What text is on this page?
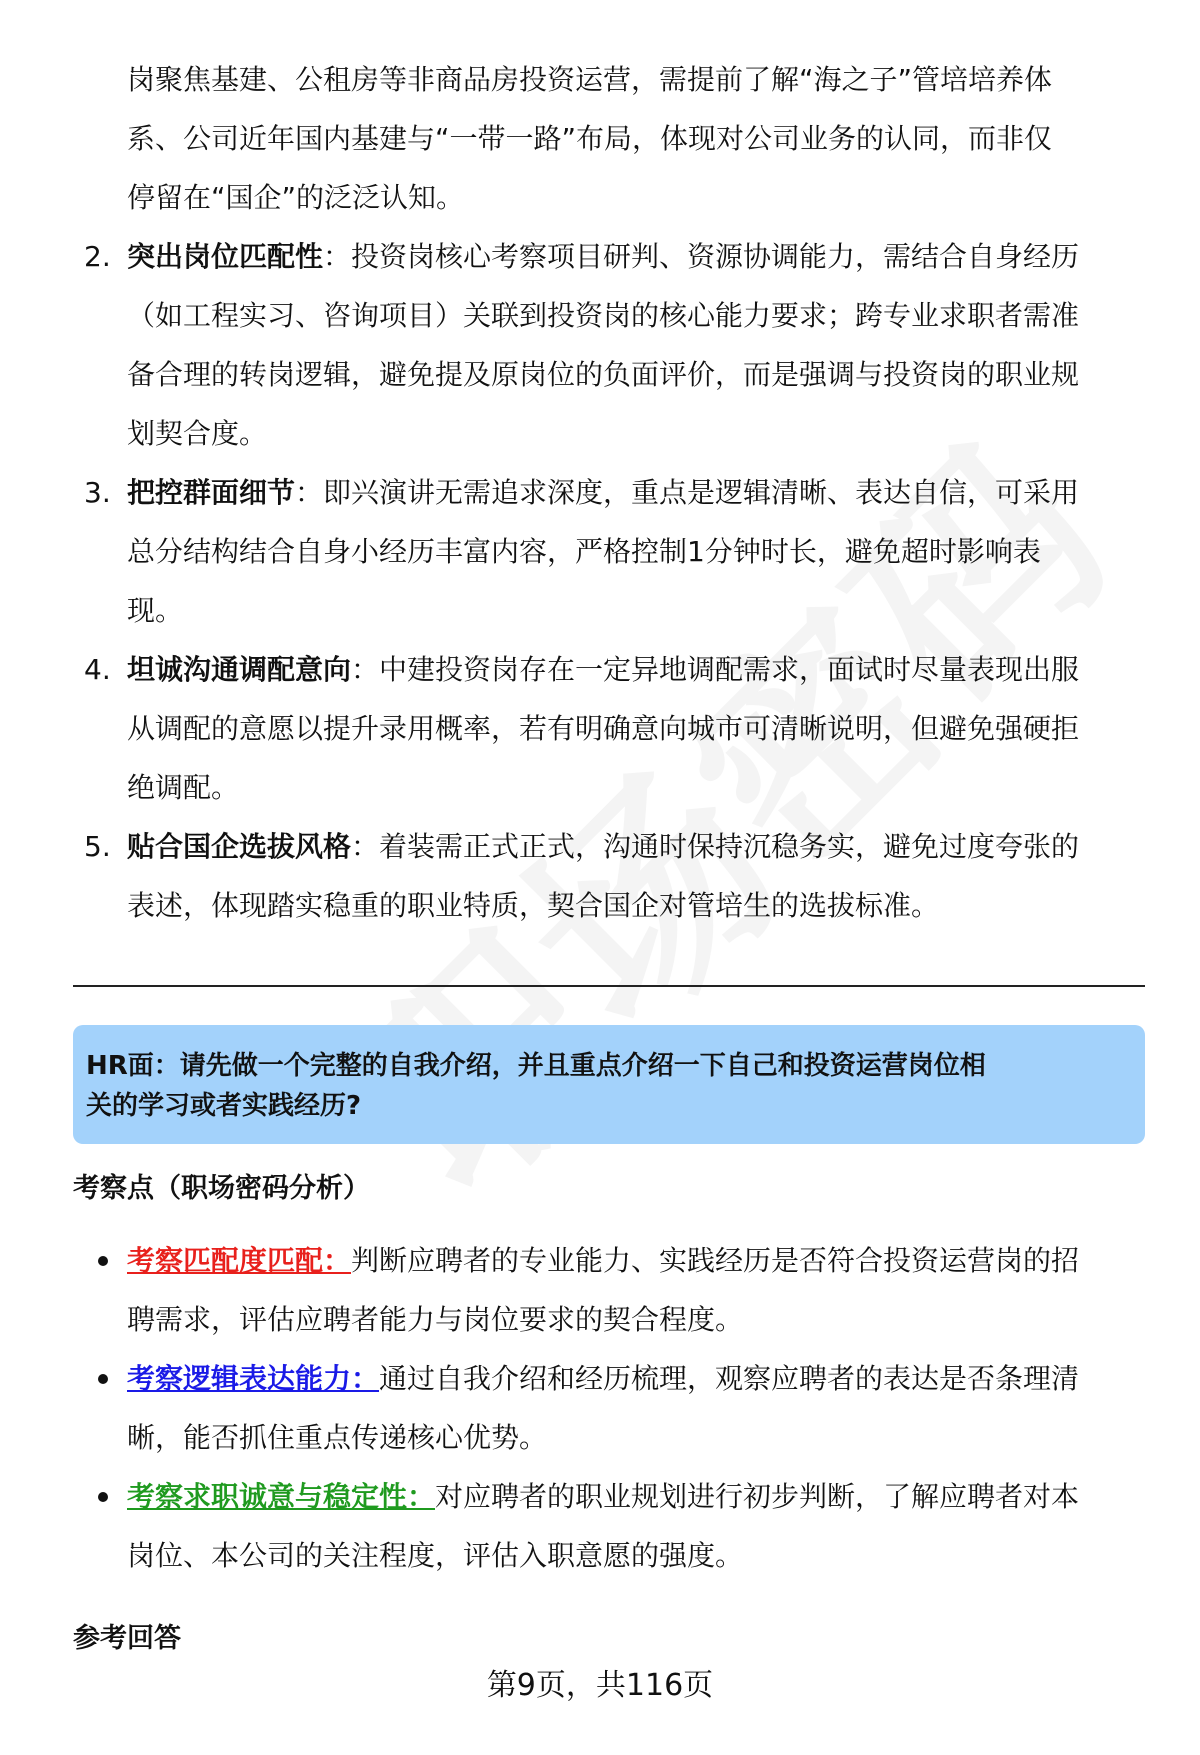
岗聚焦基建、公租房等非商品房投资运营，需提前了解“海之子”管培培养体
系、公司近年国内基建与“一带一路”布局，体现对公司业务的认同，而非仅
停留在“国企”的泛泛认知。
2. 突出岗位匹配性：投资岗核心考察项目研判、资源协调能力，需结合自身经历
（如工程实习、咨询项目）关联到投资岗的核心能力要求；跨专业求职者需准
备合理的转岗逻辑，避免提及原岗位的负面评价，而是强调与投资岗的职业规
划契合度。
3. 把控群面细节：即兴演讲无需追求深度，重点是逻辑清晰、表达自信，可采用
总分结构结合自身小经历丰富内容，严格控制1分钟时长，避免超时影响表
现。
4. 坦诚沟通调配意向：中建投资岗存在一定异地调配需求，面试时尽量表现出服
从调配的意愿以提升录用概率，若有明确意向城市可清晰说明，但避免强硬拒
绝调配。
5. 贴合国企选拔风格：着装需正式正式，沟通时保持沉稳务实，避免过度夸张的
表述，体现踏实稳重的职业特质，契合国企对管培生的选拔标准。
HR面：请先做一个完整的自我介绍，并且重点介绍一下自己和投资运营岗位相
关的学习或者实践经历?
考察点（职场密码分析）
考察匹配度匹配：判断应聘者的专业能力、实践经历是否符合投资运营岗的招
聘需求，评估应聘者能力与岗位要求的契合程度。
考察逻辑表达能力：通过自我介绍和经历梳理，观察应聘者的表达是否条理清
晰，能否抓住重点传递核心优势。
考察求职诚意与稳定性：对应聘者的职业规划进行初步判断，了解应聘者对本
岗位、本公司的关注程度，评估入职意愿的强度。
参考回答
第9页，共116页
